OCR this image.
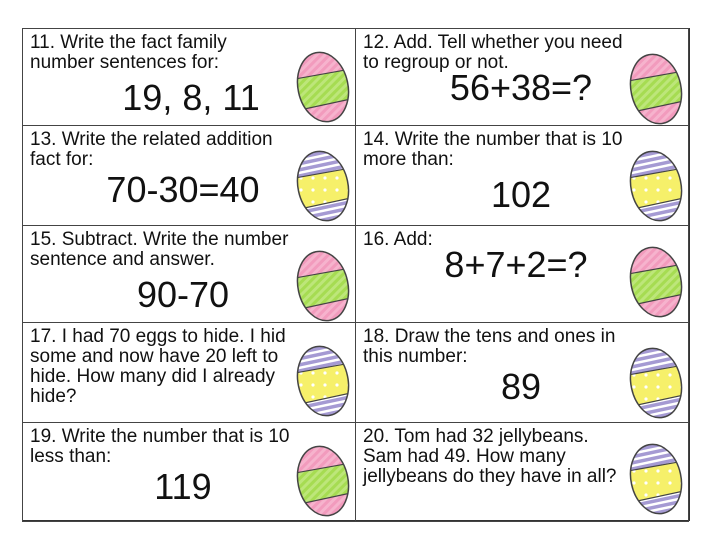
11. Write the fact family number sentences for:
19, 8, 11
12. Add. Tell whether you need to regroup or not.
56+38=?
13. Write the related addition fact for:
70-30=40
14. Write the number that is 10 more than:
102
15. Subtract. Write the number sentence and answer.
90-70
16. Add:
8+7+2=?
17. I had 70 eggs to hide. I hid some and now have 20 left to hide. How many did I already hide?
18. Draw the tens and ones in this number:
89
19. Write the number that is 10 less than:
119
20. Tom had 32 jellybeans. Sam had 49. How many jellybeans do they have in all?
